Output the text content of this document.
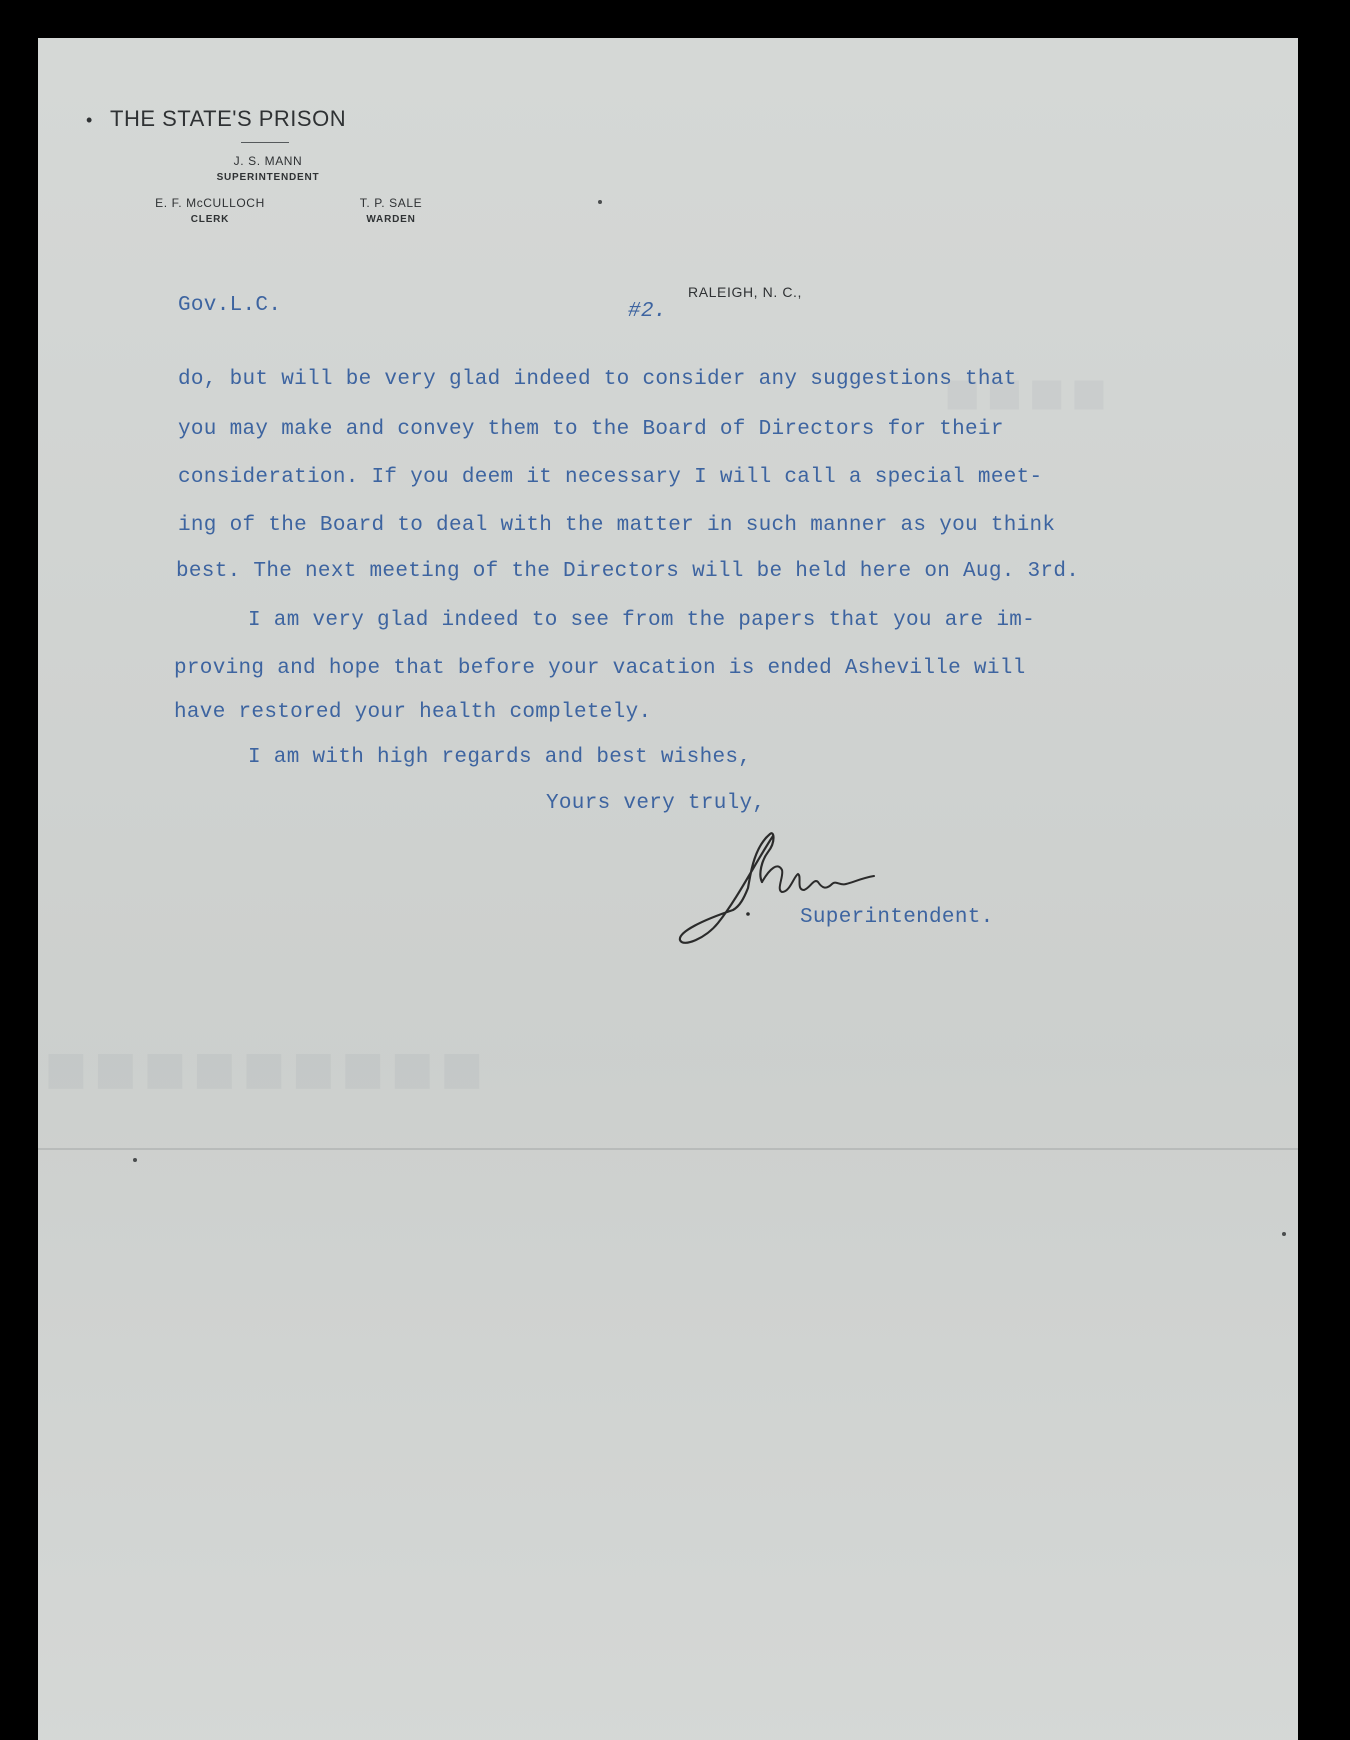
■■■■■■■■■
■■■■
• THE STATE'S PRISON
J. S. MANN
SUPERINTENDENT
E. F. McCULLOCH
CLERK
T. P. SALE
WARDEN
RALEIGH, N. C.,
Gov.L.C.	#2.
do, but will be very glad indeed to consider any suggestions that
you may make and convey them to the Board of Directors for their
consideration. If you deem it necessary I will call a special meet-
ing of the Board to deal with the matter in such manner as you think
best. The next meeting of the Directors will be held here on Aug. 3rd.
I am very glad indeed to see from the papers that you are im-
proving and hope that before your vacation is ended Asheville will
have restored your health completely.
I am with high regards and best wishes,
Yours very truly,
Superintendent.
